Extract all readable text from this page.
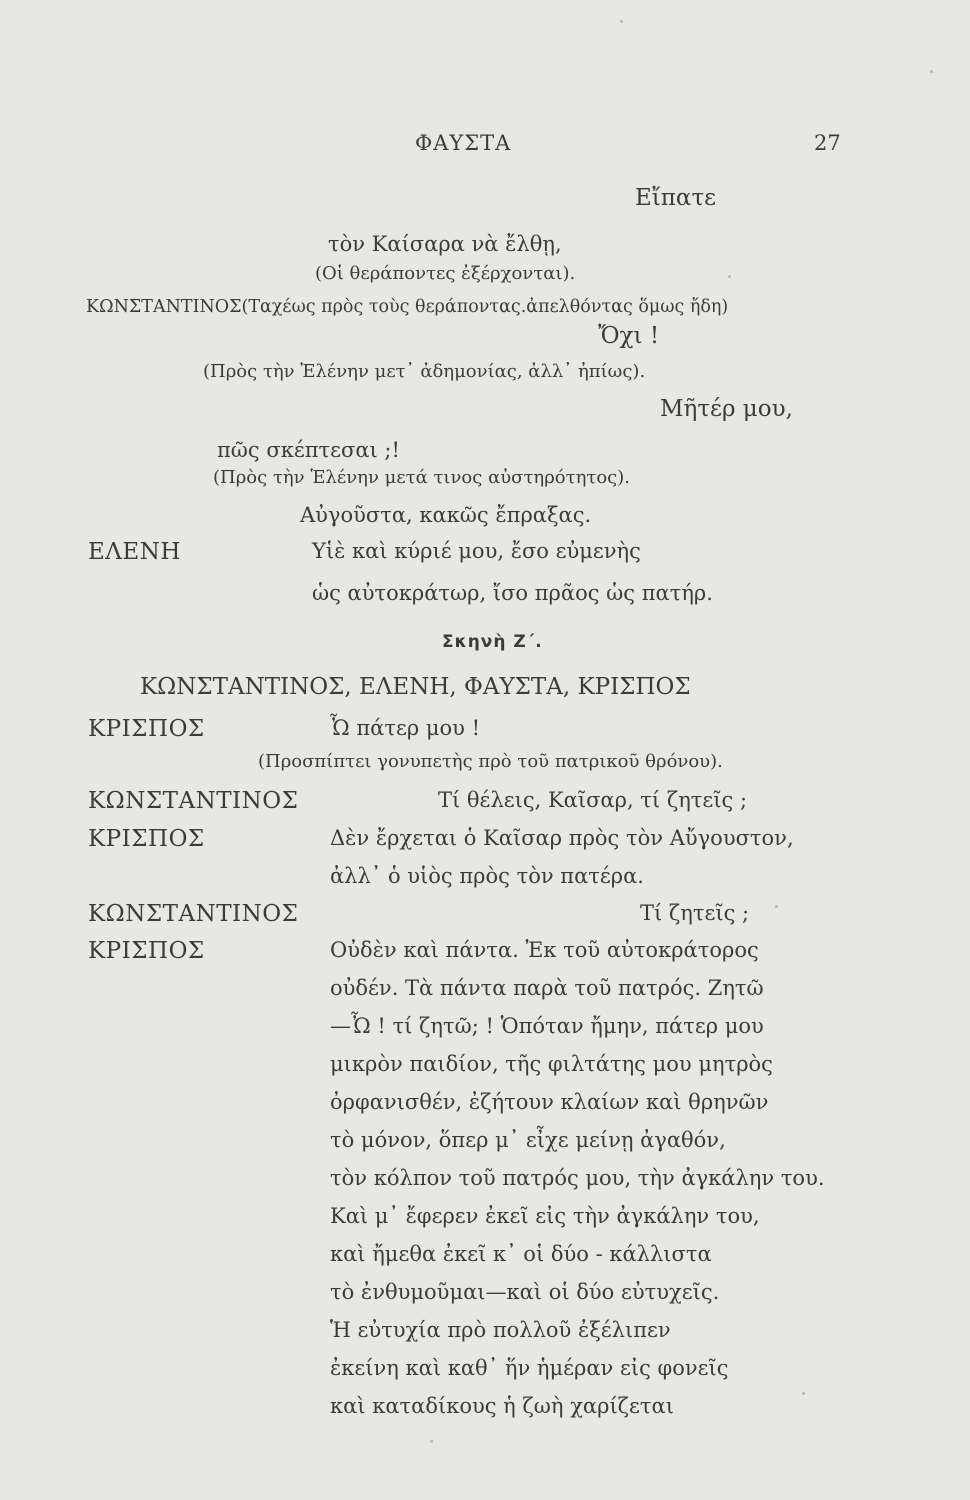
ΦΑΥΣΤΑ	27
Εἴπατε
τὸν Καίσαρα νὰ ἔλθῃ,
(Οἱ θεράποντες ἐξέρχονται).
ΚΩΝΣΤΑΝΤΙΝΟΣ(Ταχέως πρὸς τοὺς θεράποντας.ἀπελθόντας ὅμως ἤδη)
Ὄχι !
(Πρὸς τὴν Ἑλένην μετ᾽ ἀδημονίας, ἀλλ᾽ ἠπίως).
Μῆτέρ μου,
πῶς σκέπτεσαι ;!
(Πρὸς τὴν Ἑλένην μετά τινος αὐστηρότητος).
Αὐγοῦστα, κακῶς ἔπραξας.
ΕΛΕΝΗ	Υἱὲ καὶ κύριέ μου, ἔσο εὐμενὴς
ὡς αὐτοκράτωρ, ἴσο πρᾶος ὡς πατήρ.
Σκηνὴ Ζ΄.
ΚΩΝΣΤΑΝΤΙΝΟΣ, ΕΛΕΝΗ, ΦΑΥΣΤΑ, ΚΡΙΣΠΟΣ
ΚΡΙΣΠΟΣ	Ὦ πάτερ μου !
(Προσπίπτει γονυπετὴς πρὸ τοῦ πατρικοῦ θρόνου).
ΚΩΝΣΤΑΝΤΙΝΟΣ	Τί θέλεις, Καῖσαρ, τί ζητεῖς ;
ΚΡΙΣΠΟΣ	Δὲν ἔρχεται ὁ Καῖσαρ πρὸς τὸν Αὔγουστον,
ἀλλ᾽ ὁ υἱὸς πρὸς τὸν πατέρα.
ΚΩΝΣΤΑΝΤΙΝΟΣ	Τί ζητεῖς ;
ΚΡΙΣΠΟΣ	Οὐδὲν καὶ πάντα. Ἐκ τοῦ αὐτοκράτορος
οὐδέν. Τὰ πάντα παρὰ τοῦ πατρός. Ζητῶ
—Ὦ ! τί ζητῶ; ! Ὁπόταν ἤμην, πάτερ μου
μικρὸν παιδίον, τῆς φιλτάτης μου μητρὸς
ὀρφανισθέν, ἐζήτουν κλαίων καὶ θρηνῶν
τὸ μόνον, ὅπερ μ᾽ εἶχε μείνῃ ἀγαθόν,
τὸν κόλπον τοῦ πατρός μου, τὴν ἀγκάλην του.
Καὶ μ᾽ ἔφερεν ἐκεῖ εἰς τὴν ἀγκάλην του,
καὶ ἤμεθα ἐκεῖ κ᾽ οἱ δύο - κάλλιστα
τὸ ἐνθυμοῦμαι—καὶ οἱ δύο εὐτυχεῖς.
Ἡ εὐτυχία πρὸ πολλοῦ ἐξέλιπεν
ἐκείνη καὶ καθ᾽ ἥν ἡμέραν εἰς φονεῖς
καὶ καταδίκους ἡ ζωὴ χαρίζεται
